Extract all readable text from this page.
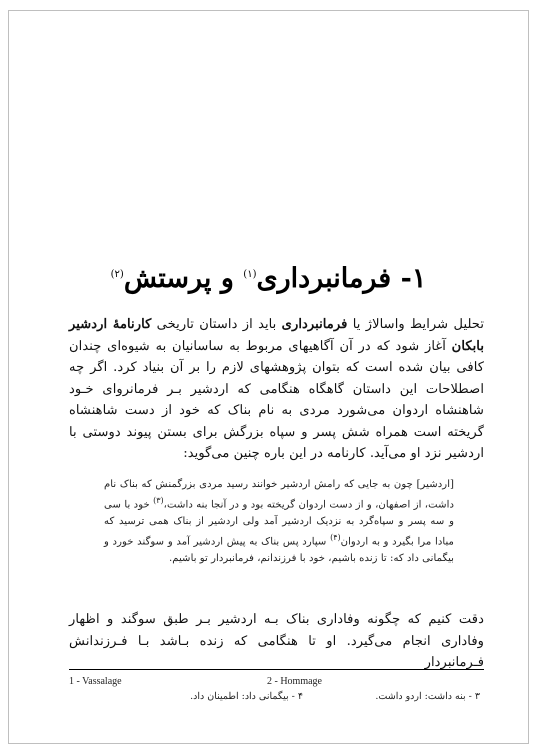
۱- فرمانبرداری$^{(۱)}$ و پرستش$^{(۲)}$

تحلیل شرایط واسالاژ یا فرمانبرداری باید از داستان تاریخی کارنامهٔ اردشیر بابکان آغاز شود که در آن آگاهیهای مربوط به ساسانیان به شیوه‌ای چندان کافی بیان شده است که بتوان پژوهشهای لازم را بر آن بنیاد کرد. اگر چه اصطلاحات این داستان گاهگاه هنگامی که اردشیر بـر فرمانروای خـود شاهنشاه اردوان می‌شورد مردی به نام بناک که خود از دست شاهنشاه گریخته است همراه شش پسر و سپاه بزرگش برای بستن پیوند دوستی با اردشیر نزد او می‌آید. کارنامه در این باره چنین می‌گوید:

[اردشیر] چون به جایی که رامش اردشیر خوانند رسید مردی بزرگمنش که بناک نام داشت، از اصفهان، و از دست اردوان گریخته بود و در آنجا بنه داشت،$^{(۳)}$ خود با سی و سه پسر و سپاه‌گرد به نزدیک اردشیر آمد ولی اردشیر از بناک همی ترسید که مبادا مرا بگیرد و به اردوان$^{(۴)}$ سپارد پس بناک به پیش اردشیر آمد و سوگند خورد و بیگمانی داد که: تا زنده باشیم، خود با فرزندانم، فرمانبردار تو باشیم.

دقت کنیم که چگونه وفاداری بناک بـه اردشیر بـر طبق سوگند و اظهار وفاداری انجام می‌گیرد. او تا هنگامی که زنده بـاشد بـا فـرزندانش فـرمانبردار

1 - Vassalage	2 - Hommage
۳ - بنه داشت: اردو داشت.
۴ - بیگمانی داد: اطمینان داد.
